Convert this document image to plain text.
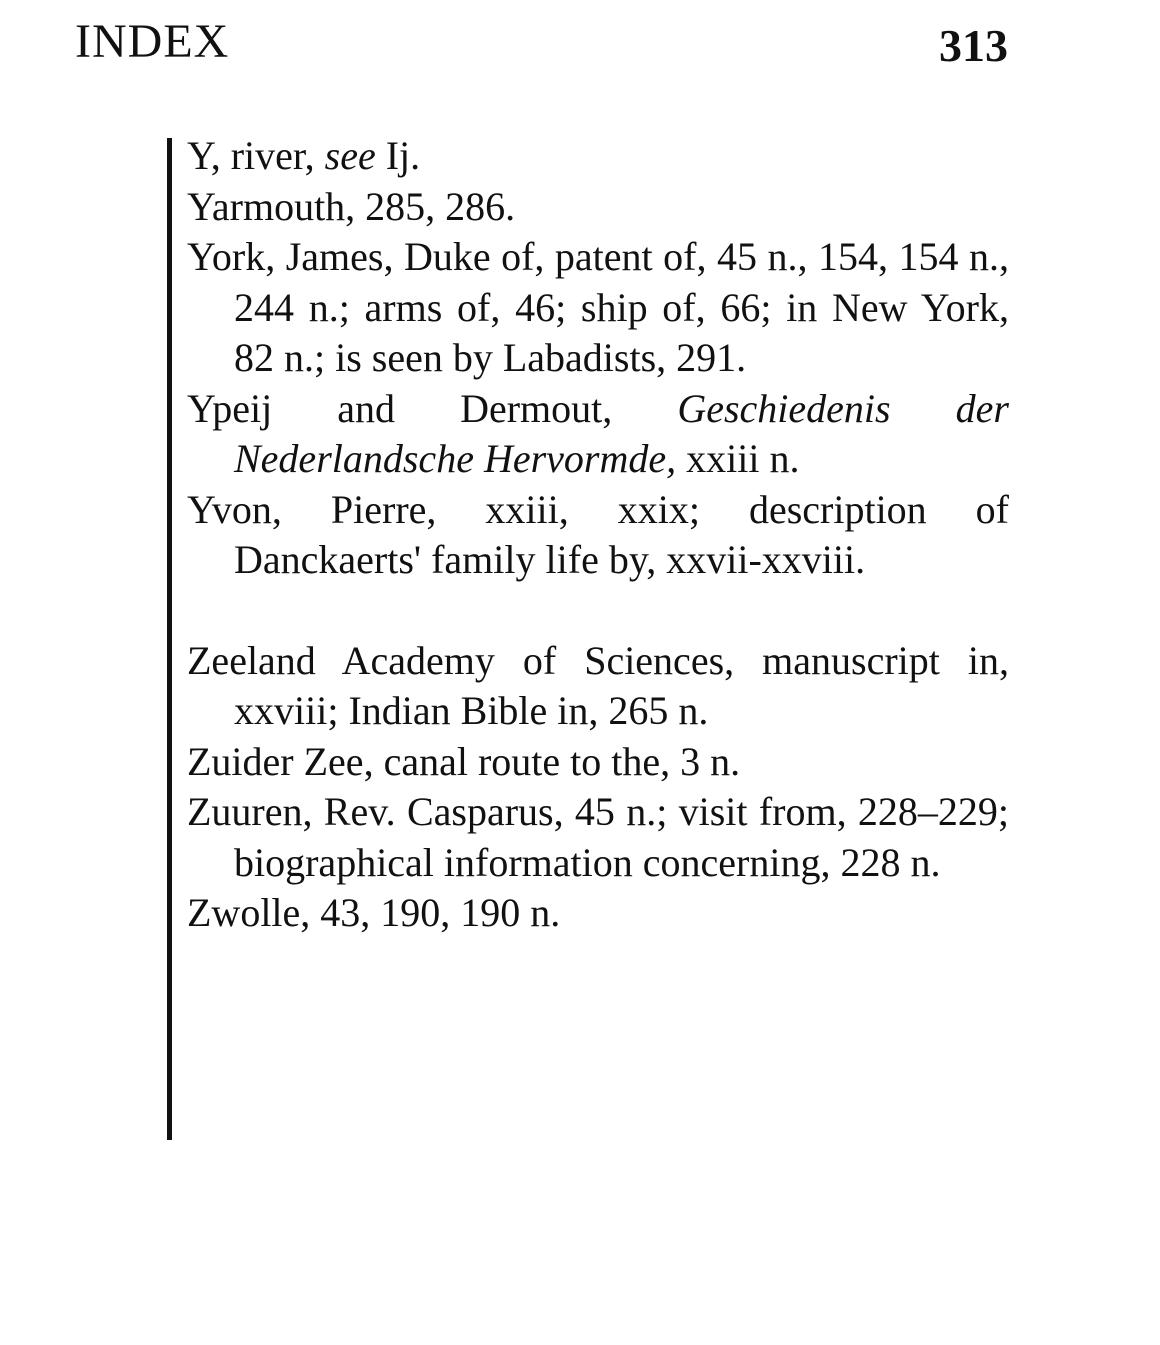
INDEX	313

Y, river, see Ij.

Yarmouth, 285, 286.

York, James, Duke of, patent of, 45 n., 154, 154 n., 244 n.; arms of, 46; ship of, 66; in New York, 82 n.; is seen by Labadists, 291.

Ypeij and Dermout, Geschiedenis der Nederlandsche Hervormde, xxiii n.

Yvon, Pierre, xxiii, xxix; description of Danckaerts' family life by, xxvii-xxviii.

Zeeland Academy of Sciences, manuscript in, xxviii; Indian Bible in, 265 n.

Zuider Zee, canal route to the, 3 n.

Zuuren, Rev. Casparus, 45 n.; visit from, 228–229; biographical information concerning, 228 n.

Zwolle, 43, 190, 190 n.
